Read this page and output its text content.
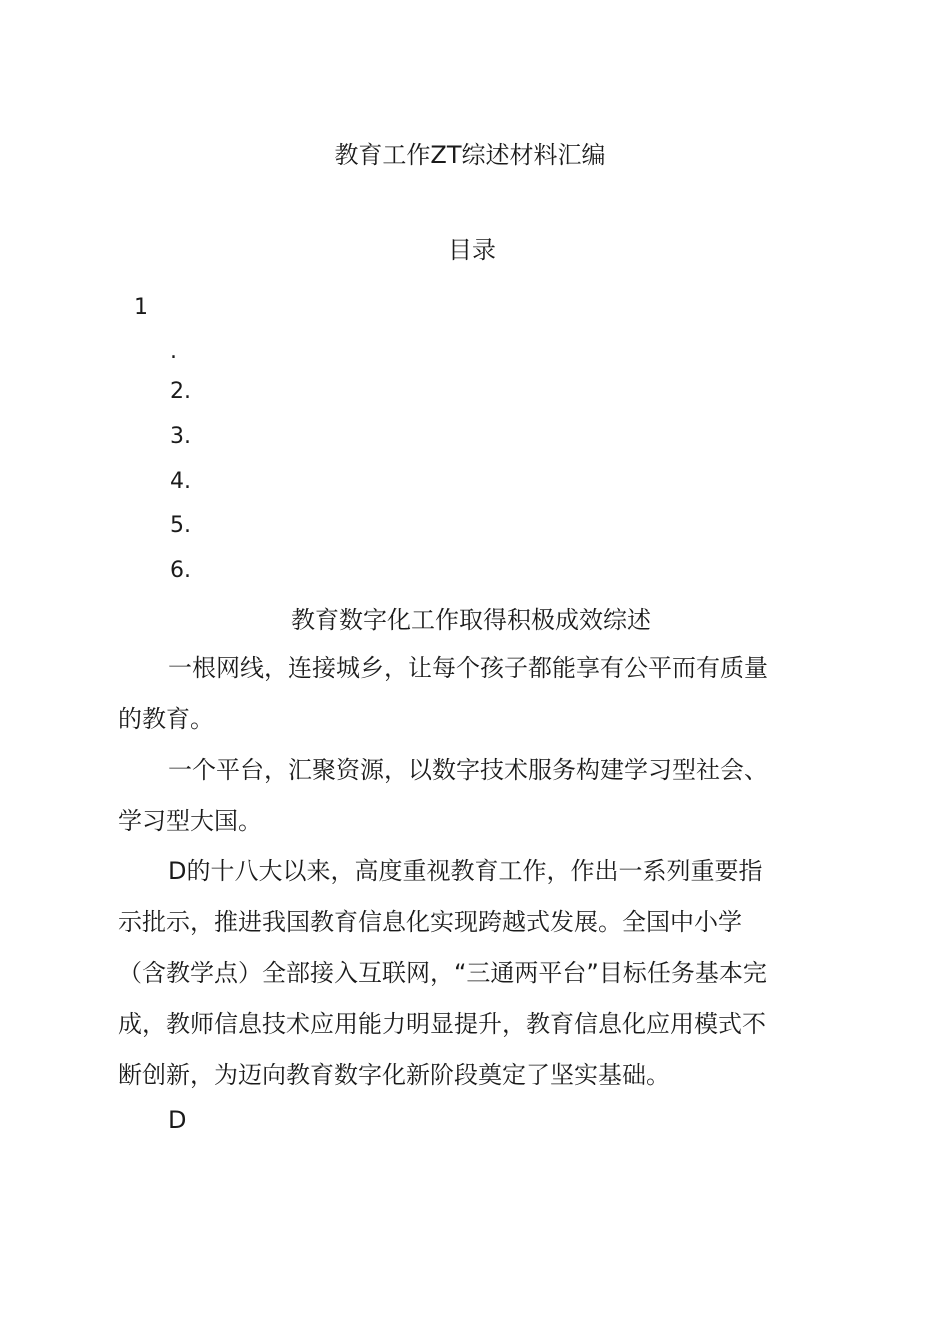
教育工作ZT综述材料汇编
目录
1
.
2.
3.
4.
5.
6.
教育数字化工作取得积极成效综述
一根网线，连接城乡，让每个孩子都能享有公平而有质量
的教育。
一个平台，汇聚资源，以数字技术服务构建学习型社会、
学习型大国。
D的十八大以来，高度重视教育工作，作出一系列重要指
示批示，推进我国教育信息化实现跨越式发展。全国中小学
（含教学点）全部接入互联网，“三通两平台”目标任务基本完
成，教师信息技术应用能力明显提升，教育信息化应用模式不
断创新，为迈向教育数字化新阶段奠定了坚实基础。
D
